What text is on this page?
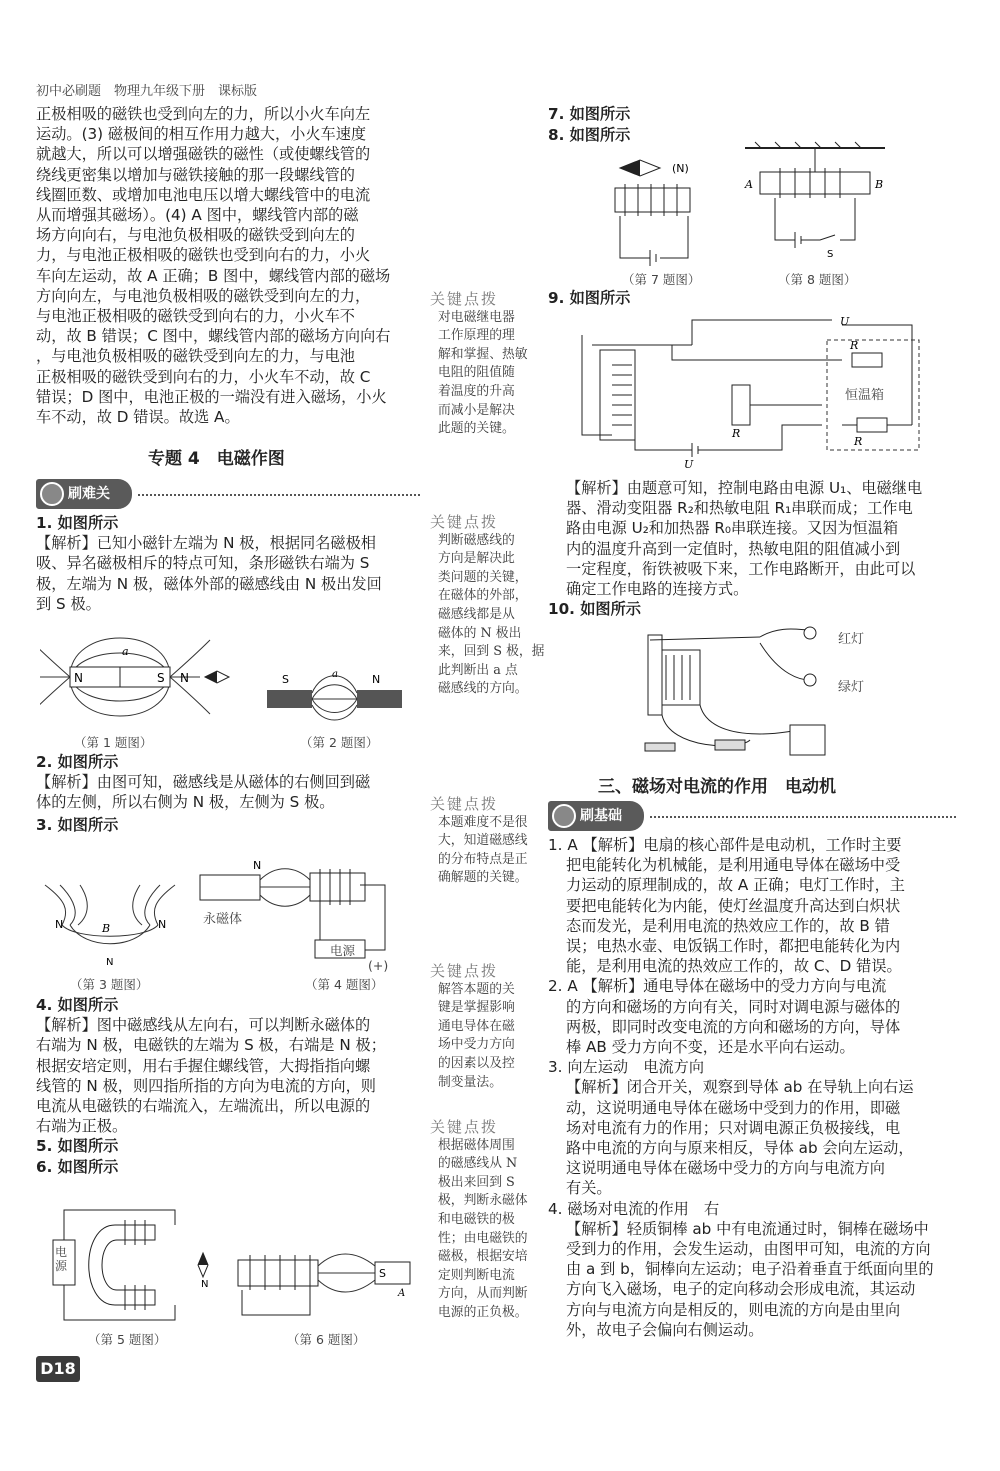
初中必刷题　物理九年级下册　课标版
正极相吸的磁铁也受到向左的力，所以小火车向左
运动。(3) 磁极间的相互作用力越大，小火车速度
就越大，所以可以增强磁铁的磁性（或使螺线管的
绕线更密集以增加与磁铁接触的那一段螺线管的
线圈匝数、或增加电池电压以增大螺线管中的电流
从而增强其磁场）。(4) A 图中，螺线管内部的磁
场方向向右，与电池负极相吸的磁铁受到向左的
力，与电池正极相吸的磁铁也受到向右的力，小火
车向左运动，故 A 正确；B 图中，螺线管内部的磁场
方向向左，与电池负极相吸的磁铁受到向左的力，
与电池正极相吸的磁铁受到向右的力，小火车不
动，故 B 错误；C 图中，螺线管内部的磁场方向向右
，与电池负极相吸的磁铁受到向左的力，与电池
正极相吸的磁铁受到向右的力，小火车不动，故 C
错误；D 图中，电池正极的一端没有进入磁场，小火
车不动，故 D 错误。故选 A。
专题 4　电磁作图
刷难关
1. 如图所示
【解析】已知小磁针左端为 N 极，根据同名磁极相
吸、异名磁极相斥的特点可知，条形磁铁右端为 S
极，左端为 N 极，磁体外部的磁感线由 N 极出发回
到 S 极。
N	S
a
N
（第 1 题图）
S	N
a
（第 2 题图）
2. 如图所示
【解析】由图可知，磁感线是从磁体的右侧回到磁
体的左侧，所以右侧为 N 极，左侧为 S 极。
3. 如图所示
N	N
B
N
（第 3 题图）
N
永磁体
电源
(+)
（第 4 题图）
4. 如图所示
【解析】图中磁感线从左向右，可以判断永磁体的
右端为 N 极，电磁铁的左端为 S 极，右端是 N 极；
根据安培定则，用右手握住螺线管，大拇指指向螺
线管的 N 极，则四指所指的方向为电流的方向，则
电流从电磁铁的右端流入，左端流出，所以电源的
右端为正极。
5. 如图所示
6. 如图所示
N
电源
（第 5 题图）
S
A
（第 6 题图）
D18
关键点拨
对电磁继电器
工作原理的理
解和掌握、热敏
电阻的阻值随
着温度的升高
而减小是解决
此题的关键。
关键点拨
判断磁感线的
方向是解决此
类问题的关键，
在磁体的外部，
磁感线都是从
磁体的 N 极出
来，回到 S 极，据
此判断出 a 点
磁感线的方向。
关键点拨
本题难度不是很
大，知道磁感线
的分布特点是正
确解题的关键。
关键点拨
解答本题的关
键是掌握影响
通电导体在磁
场中受力方向
的因素以及控
制变量法。
关键点拨
根据磁体周围
的磁感线从 N
极出来回到 S
极，判断永磁体
和电磁铁的极
性；由电磁铁的
磁极，根据安培
定则判断电流
方向，从而判断
电源的正负极。
7. 如图所示
8. 如图所示
(N)
（第 7 题图）
A	B
S
（第 8 题图）
9. 如图所示
U
R
R
R
U
恒温箱
【解析】由题意可知，控制电路由电源 U₁、电磁继电
器、滑动变阻器 R₂和热敏电阻 R₁串联而成；工作电
路由电源 U₂和加热器 R₀串联连接。又因为恒温箱
内的温度升高到一定值时，热敏电阻的阻值减小到
一定程度，衔铁被吸下来，工作电路断开，由此可以
确定工作电路的连接方式。
10. 如图所示
红灯
绿灯
三、磁场对电流的作用　电动机
刷基础
1. A 【解析】电扇的核心部件是电动机，工作时主要
把电能转化为机械能，是利用通电导体在磁场中受
力运动的原理制成的，故 A 正确；电灯工作时，主
要把电能转化为内能，使灯丝温度升高达到白炽状
态而发光，是利用电流的热效应工作的，故 B 错
误；电热水壶、电饭锅工作时，都把电能转化为内
能，是利用电流的热效应工作的，故 C、D 错误。
2. A 【解析】通电导体在磁场中的受力方向与电流
的方向和磁场的方向有关，同时对调电源与磁体的
两极，即同时改变电流的方向和磁场的方向，导体
棒 AB 受力方向不变，还是水平向右运动。
3. 向左运动　电流方向
【解析】闭合开关，观察到导体 ab 在导轨上向右运
动，这说明通电导体在磁场中受到力的作用，即磁
场对电流有力的作用；只对调电源正负极接线，电
路中电流的方向与原来相反，导体 ab 会向左运动，
这说明通电导体在磁场中受力的方向与电流方向
有关。
4. 磁场对电流的作用　右
【解析】轻质铜棒 ab 中有电流通过时，铜棒在磁场中
受到力的作用，会发生运动，由图甲可知，电流的方向
由 a 到 b，铜棒向左运动；电子沿着垂直于纸面向里的
方向飞入磁场，电子的定向移动会形成电流，其运动
方向与电流方向是相反的，则电流的方向是由里向
外，故电子会偏向右侧运动。
